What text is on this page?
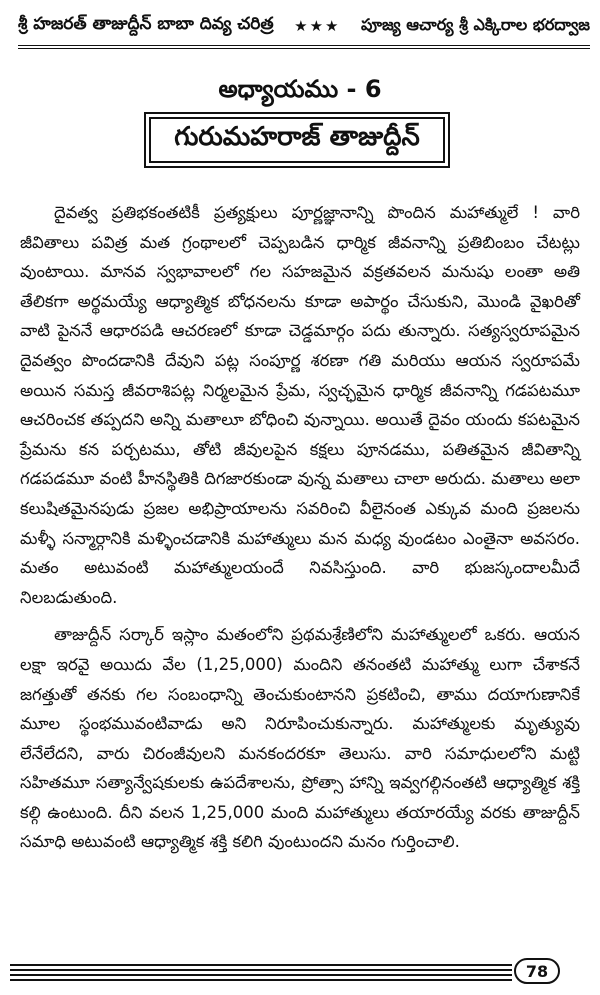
శ్రీ హజరత్ తాజుద్దీన్ బాబా దివ్య చరిత్ర ★★★ పూజ్య ఆచార్య శ్రీ ఎక్కిరాల భరద్వాజ
అధ్యాయము - 6
గురుమహరాజ్ తాజుద్దీన్

దైవత్వ ప్రతిభకంతటికీ ప్రత్యక్షులు పూర్ణజ్ఞానాన్ని పొందిన మహాత్ములే ! వారి జీవితాలు పవిత్ర మత గ్రంథాలలో చెప్పబడిన ధార్మిక జీవనాన్ని ప్రతిబింబం చేటట్లు వుంటాయి. మానవ స్వభావాలలో గల సహజమైన వక్రతవలన మనుషు లంతా అతి తేలికగా అర్థమయ్యే ఆధ్యాత్మిక బోధనలను కూడా అపార్థం చేసుకుని, మొండి వైఖరితో వాటి పైననే ఆధారపడి ఆచరణలో కూడా చెడ్డమార్గం పదు తున్నారు. సత్యస్వరూపమైన దైవత్వం పొందడానికి దేవుని పట్ల సంపూర్ణ శరణా గతి మరియు ఆయన స్వరూపమే అయిన సమస్త జీవరాశిపట్ల నిర్మలమైన ప్రేమ, స్వచ్ఛమైన ధార్మిక జీవనాన్ని గడపటమూ ఆచరించక తప్పదని అన్ని మతాలూ బోధించి వున్నాయి. అయితే దైవం యందు కపటమైన ప్రేమను కన పర్చటము, తోటి జీవులపైన కక్షలు పూనడము, పతితమైన జీవితాన్ని గడపడమూ వంటి హీనస్థితికి దిగజారకుండా వున్న మతాలు చాలా అరుదు. మతాలు అలా కలుషితమైనపుడు ప్రజల అభిప్రాయాలను సవరించి వీలైనంత ఎక్కువ మంది ప్రజలను మళ్ళీ సన్మార్గానికి మళ్ళించడానికి మహాత్ములు మన మధ్య వుండటం ఎంతైనా అవసరం. మతం అటువంటి మహాత్ములయందే నివసిస్తుంది. వారి భుజస్కందాలమీదే నిలబడుతుంది.

తాజుద్దీన్ సర్కార్ ఇస్లాం మతంలోని ప్రథమశ్రేణిలోని మహాత్ములలో ఒకరు. ఆయన లక్షా ఇరవై అయిదు వేల (1,25,000) మందిని తనంతటి మహాత్ము లుగా చేశాకనే జగత్తుతో తనకు గల సంబంధాన్ని తెంచుకుంటానని ప్రకటించి, తాము దయాగుణానికే మూల స్థంభమువంటివాడు అని నిరూపించుకున్నారు. మహాత్ములకు మృత్యువు లేనేలేదని, వారు చిరంజీవులని మనకందరకూ తెలుసు. వారి సమాధులలోని మట్టి సహితమూ సత్యాన్వేషకులకు ఉపదేశాలను, ప్రోత్సా హాన్ని ఇవ్వగల్గినంతటి ఆధ్యాత్మిక శక్తి కల్గి ఉంటుంది. దీని వలన 1,25,000 మంది మహాత్ములు తయారయ్యే వరకు తాజుద్దీన్ సమాధి అటువంటి ఆధ్యాత్మిక శక్తి కలిగి వుంటుందని మనం గుర్తించాలి.

78
